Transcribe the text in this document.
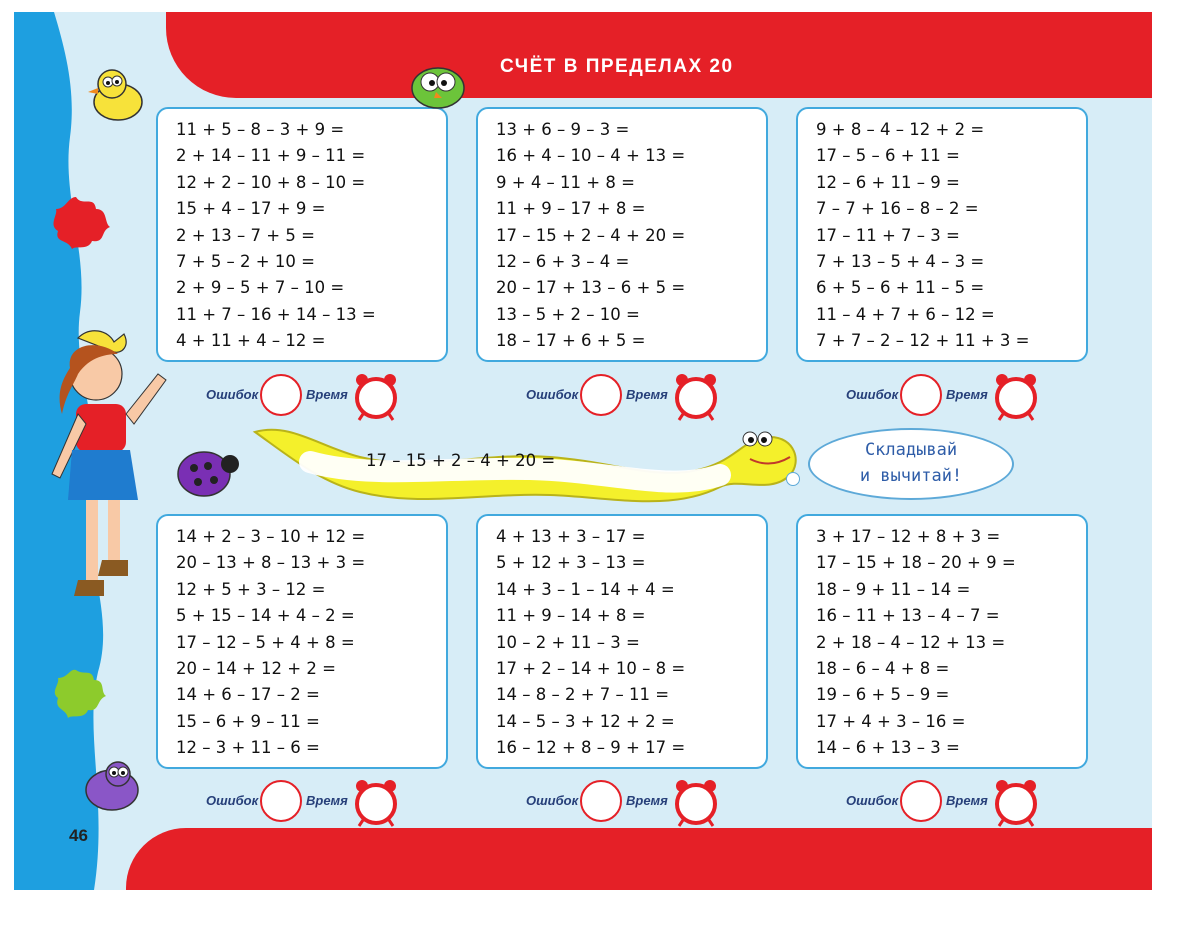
СЧЁТ В ПРЕДЕЛАХ 20
46
11 + 5 – 8 – 3 + 9 =
2 + 14 – 11 + 9 – 11 =
12 + 2 – 10 + 8 – 10 =
15 + 4 – 17 + 9 =
2 + 13 – 7 + 5 =
7 + 5 – 2 + 10 =
2 + 9 – 5 + 7 – 10 =
11 + 7 – 16 + 14 – 13 =
4 + 11 + 4 – 12 =
13 + 6 – 9 – 3 =
16 + 4 – 10 – 4 + 13 =
9 + 4 – 11 + 8 =
11 + 9 – 17 + 8 =
17 – 15 + 2 – 4 + 20 =
12 – 6 + 3 – 4 =
20 – 17 + 13 – 6 + 5 =
13 – 5 + 2 – 10 =
18 – 17 + 6 + 5 =
9 + 8 – 4 – 12 + 2 =
17 – 5 – 6 + 11 =
12 – 6 + 11 – 9 =
7 – 7 + 16 – 8 – 2 =
17 – 11 + 7 – 3 =
7 + 13 – 5 + 4 – 3 =
6 + 5 – 6 + 11 – 5 =
11 – 4 + 7 + 6 – 12 =
7 + 7 – 2 – 12 + 11 + 3 =
14 + 2 – 3 – 10 + 12 =
20 – 13 + 8 – 13 + 3 =
12 + 5 + 3 – 12 =
5 + 15 – 14 + 4 – 2 =
17 – 12 – 5 + 4 + 8 =
20 – 14 + 12 + 2 =
14 + 6 – 17 – 2 =
15 – 6 + 9 – 11 =
12 – 3 + 11 – 6 =
4 + 13 + 3 – 17 =
5 + 12 + 3 – 13 =
14 + 3 – 1 – 14 + 4 =
11 + 9 – 14 + 8 =
10 – 2 + 11 – 3 =
17 + 2 – 14 + 10 – 8 =
14 – 8 – 2 + 7 – 11 =
14 – 5 – 3 + 12 + 2 =
16 – 12 + 8 – 9 + 17 =
3 + 17 – 12 + 8 + 3 =
17 – 15 + 18 – 20 + 9 =
18 – 9 + 11 – 14 =
16 – 11 + 13 – 4 – 7 =
2 + 18 – 4 – 12 + 13 =
18 – 6 – 4 + 8 =
19 – 6 + 5 – 9 =
17 + 4 + 3 – 16 =
14 – 6 + 13 – 3 =
Ошибок	Время	Ошибок	Время	Ошибок	Время
Ошибок	Время	Ошибок	Время	Ошибок	Время
17 – 15 + 2 – 4 + 20 =
Складывай
и вычитай!
